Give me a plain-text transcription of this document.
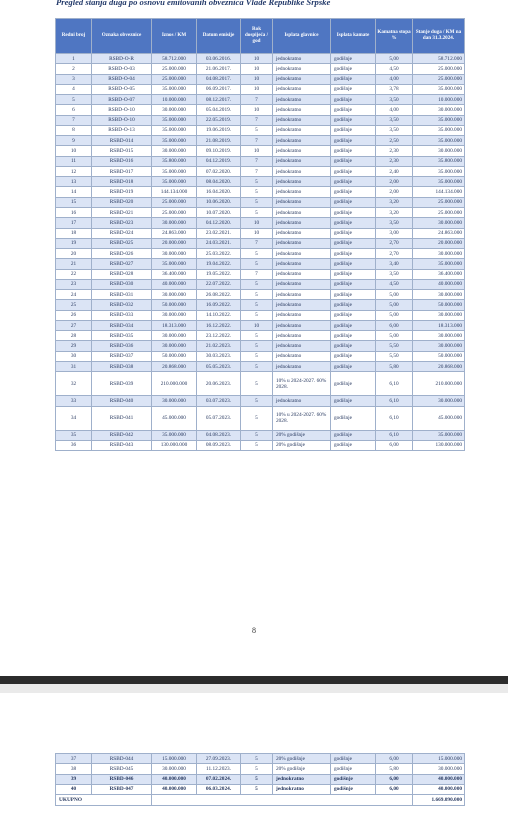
Pregled stanja duga po osnovu emitovanih obveznica Vlade Republike Srpske
Redni broj	Oznaka obveznice	Iznos / KM	Datum emisije	Rok dospijeća / god	Isplata glavnice	Isplata kamate	Kamatna stopa %	Stanje duga / KM na dan 31.3.2024.
1	RSBD-O-R	58.712.000	03.06.2016.	10	jednokratno	godišnje	5,00	58.712.000
2	RSBD-O-03	25.000.000	21.06.2017.	10	jednokratno	godišnje	4,50	25.000.000
3	RSBD-O-04	25.000.000	04.08.2017.	10	jednokratno	godišnje	4,00	25.000.000
4	RSBD-O-05	35.000.000	06.09.2017.	10	jednokratno	godišnje	3,78	35.000.000
5	RSBD-O-07	10.000.000	08.12.2017.	7	jednokratno	godišnje	3,50	10.000.000
6	RSBD-O-10	30.000.000	05.04.2019.	10	jednokratno	godišnje	4,00	30.000.000
7	RSBD-O-10	35.000.000	22.05.2019.	7	jednokratno	godišnje	3,50	35.000.000
8	RSBD-O-13	35.000.000	19.06.2019.	5	jednokratno	godišnje	3,50	35.000.000
9	RSBD-014	35.000.000	21.08.2019.	7	jednokratno	godišnje	2,50	35.000.000
10	RSBD-015	30.000.000	09.10.2019.	10	jednokratno	godišnje	2,30	30.000.000
11	RSBD-016	35.800.000	04.12.2019.	7	jednokratno	godišnje	2,30	35.800.000
12	RSBD-017	35.000.000	07.02.2020.	7	jednokratno	godišnje	2,40	35.000.000
13	RSBD-018	35.000.000	08.04.2020.	5	jednokratno	godišnje	2,00	35.000.000
14	RSBD-019	144.134.000	16.04.2020.	5	jednokratno	godišnje	2,00	144.134.000
15	RSBD-020	25.000.000	10.06.2020.	5	jednokratno	godišnje	3,20	25.000.000
16	RSBD-021	25.000.000	10.07.2020.	5	jednokratno	godišnje	3,20	25.000.000
17	RSBD-023	30.000.000	04.12.2020.	10	jednokratno	godišnje	3,50	30.000.000
18	RSBD-024	24.863.000	23.02.2021.	10	jednokratno	godišnje	3,00	24.863.000
19	RSBD-025	20.000.000	24.03.2021.	7	jednokratno	godišnje	2,70	20.000.000
20	RSBD-026	30.000.000	25.03.2022.	5	jednokratno	godišnje	2,70	30.000.000
21	RSBD-027	35.000.000	19.04.2022.	5	jednokratno	godišnje	3,40	35.000.000
22	RSBD-028	36.400.000	19.05.2022.	7	jednokratno	godišnje	3,50	36.400.000
23	RSBD-030	40.000.000	22.07.2022.	5	jednokratno	godišnje	4,50	40.000.000
24	RSBD-031	30.000.000	26.08.2022.	5	jednokratno	godišnje	5,00	30.000.000
25	RSBD-032	50.000.000	16.09.2022.	5	jednokratno	godišnje	5,00	50.000.000
26	RSBD-033	30.000.000	14.10.2022.	5	jednokratno	godišnje	5,00	30.000.000
27	RSBD-034	18.313.000	16.12.2022.	10	jednokratno	godišnje	6,00	18.313.000
28	RSBD-035	30.000.000	23.12.2022.	5	jednokratno	godišnje	5,00	30.000.000
29	RSBD-036	30.000.000	21.02.2023.	5	jednokratno	godišnje	5,50	30.000.000
30	RSBD-037	50.000.000	30.03.2023.	5	jednokratno	godišnje	5,50	50.000.000
31	RSBD-038	20.868.000	05.05.2023.	5	jednokratno	godišnje	5,80	20.868.000
32	RSBD-039	210.000.000	20.06.2023.	5	10% u 2024-2027. 60% 2028.	godišnje	6,10	210.000.000
33	RSBD-040	30.000.000	03.07.2023.	5	jednokratno	godišnje	6,10	30.000.000
34	RSBD-041	45.000.000	05.07.2023.	5	10% u 2024-2027. 60% 2028.	godišnje	6,10	45.000.000
35	RSBD-042	35.000.000	04.08.2023.	5	20% godišnje	godišnje	6,10	35.000.000
36	RSBD-043	130.000.000	08.09.2023.	5	20% godišnje	godišnje	6,00	130.000.000
8
37	RSBD-044	15.000.000	27.09.2023.	5	20% godišnje	godišnje	6,00	15.000.000
38	RSBD-045	30.000.000	11.12.2023.	5	20% godišnje	godišnje	5,80	30.000.000
39	RSBD-046	40.000.000	07.02.2024.	5	jednokratno	godišnje	6,00	40.000.000
40	RSBD-047	40.000.000	06.03.2024.	5	jednokratno	godišnje	6,00	40.000.000
UKUPNO								1.669.090.000
